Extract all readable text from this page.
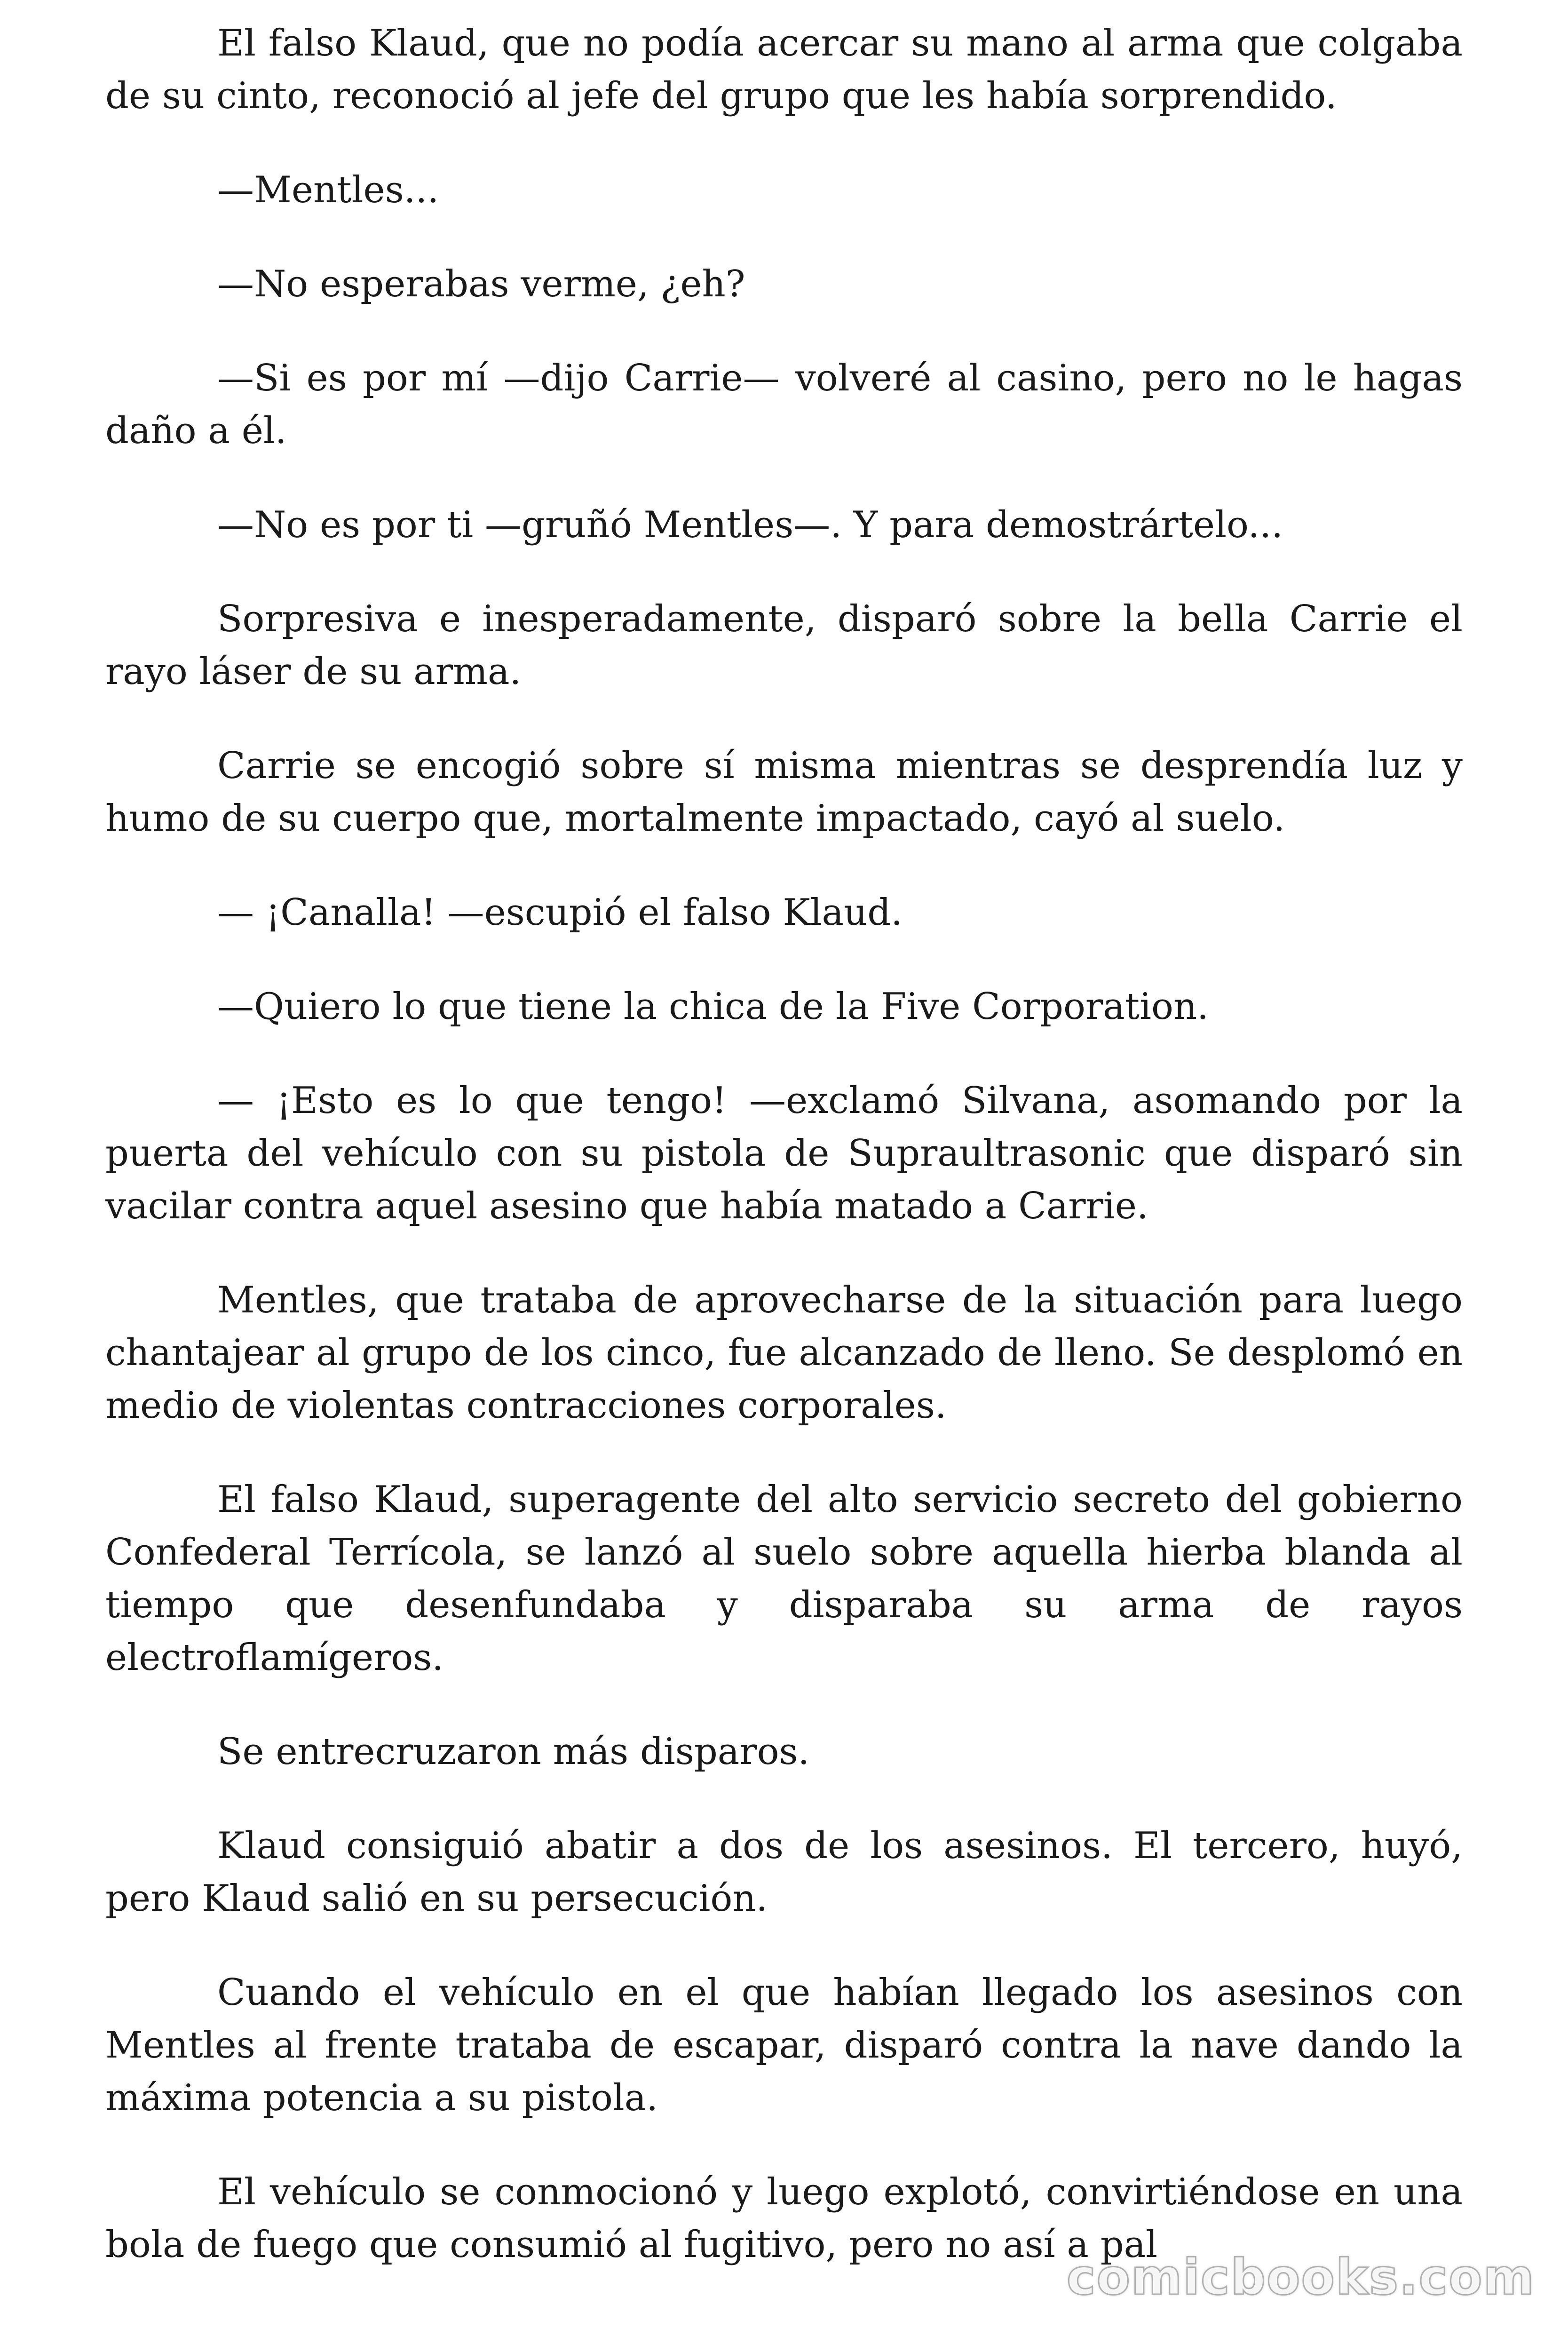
El falso Klaud, que no podía acercar su mano al arma que colgaba de su cinto, reconoció al jefe del grupo que les había sorprendido.

—Mentles...

—No esperabas verme, ¿eh?

—Si es por mí —dijo Carrie— volveré al casino, pero no le hagas daño a él.

—No es por ti —gruñó Mentles—. Y para demostrártelo...

Sorpresiva e inesperadamente, disparó sobre la bella Carrie el rayo láser de su arma.

Carrie se encogió sobre sí misma mientras se desprendía luz y humo de su cuerpo que, mortalmente impactado, cayó al suelo.

— ¡Canalla! —escupió el falso Klaud.

—Quiero lo que tiene la chica de la Five Corporation.

— ¡Esto es lo que tengo! —exclamó Silvana, asomando por la puerta del vehículo con su pistola de Supraultrasonic que disparó sin vacilar contra aquel asesino que había matado a Carrie.

Mentles, que trataba de aprovecharse de la situación para luego chantajear al grupo de los cinco, fue alcanzado de lleno. Se desplomó en medio de violentas contracciones corporales.

El falso Klaud, superagente del alto servicio secreto del gobierno Confederal Terrícola, se lanzó al suelo sobre aquella hierba blanda al tiempo que desenfundaba y disparaba su arma de rayos electroflamígeros.

Se entrecruzaron más disparos.

Klaud consiguió abatir a dos de los asesinos. El tercero, huyó, pero Klaud salió en su persecución.

Cuando el vehículo en el que habían llegado los asesinos con Mentles al frente trataba de escapar, disparó contra la nave dando la máxima potencia a su pistola.

El vehículo se conmocionó y luego explotó, convirtiéndose en una bola de fuego que consumió al fugitivo, pero no así a pal

comicbooks.com
